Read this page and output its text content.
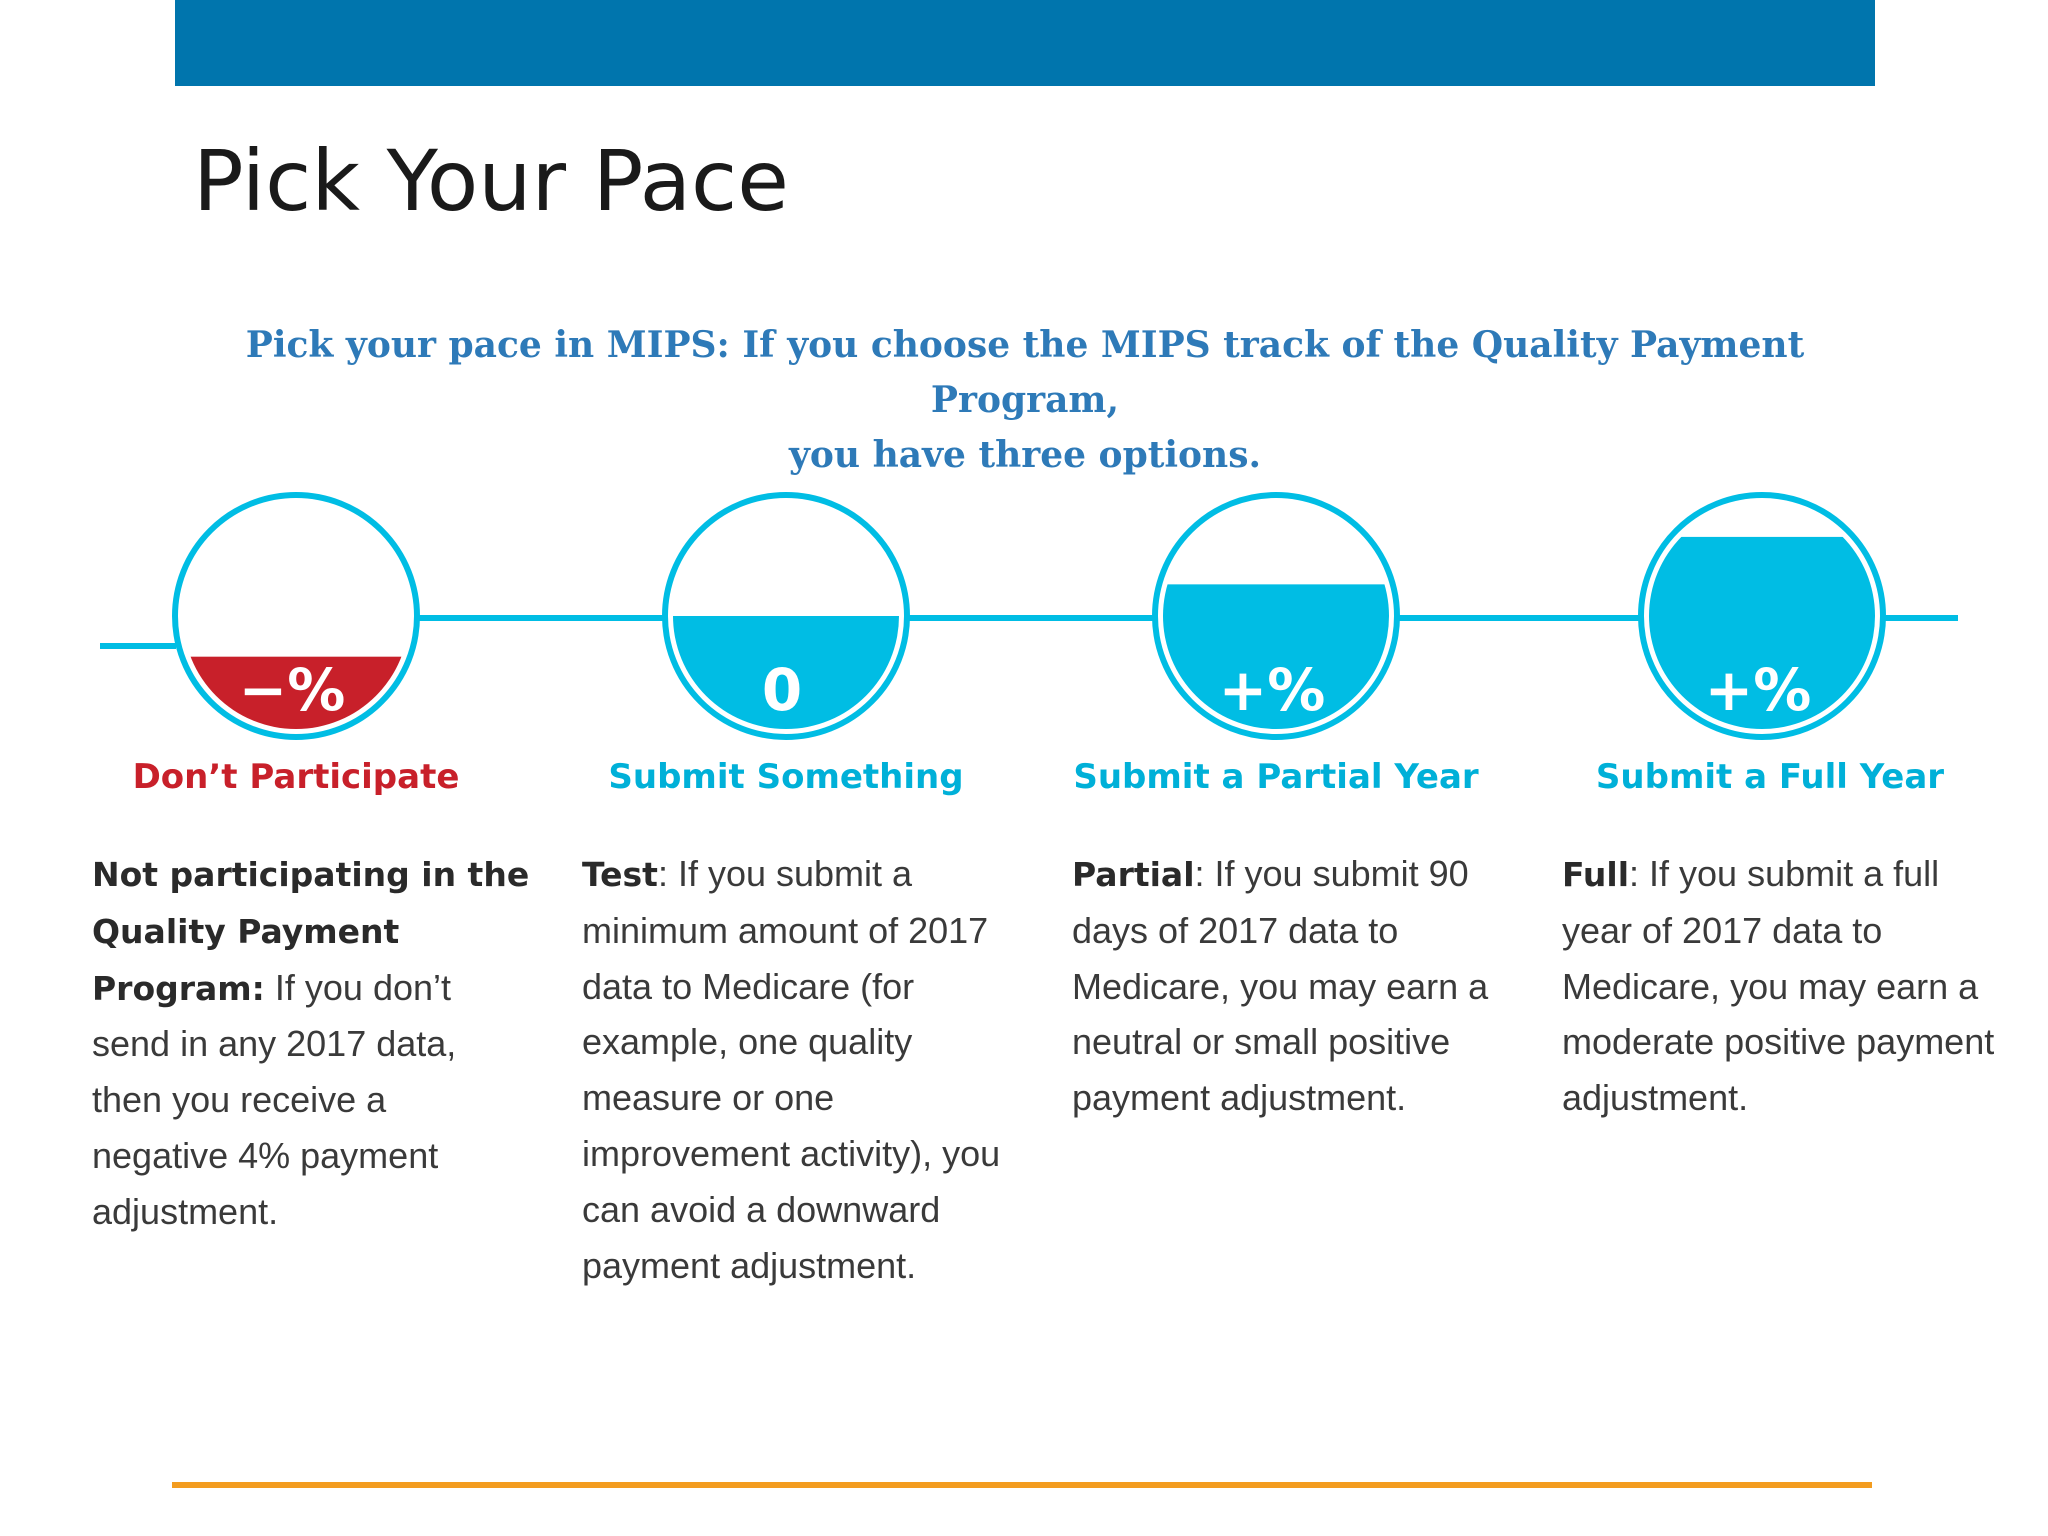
Pick Your Pace
Pick your pace in MIPS: If you choose the MIPS track of the Quality Payment Program,
you have three options.
−%	0	+%	+%
Don’t Participate	Submit Something	Submit a Partial Year	Submit a Full Year
Not participating in the Quality Payment Program: If you don’t send in any 2017 data, then you receive a negative 4% payment adjustment.
Test: If you submit a minimum amount of 2017 data to Medicare (for example, one quality measure or one improvement activity), you can avoid a downward payment adjustment.
Partial: If you submit 90 days of 2017 data to Medicare, you may earn a neutral or small positive payment adjustment.
Full: If you submit a full year of 2017 data to Medicare, you may earn a moderate positive payment adjustment.
